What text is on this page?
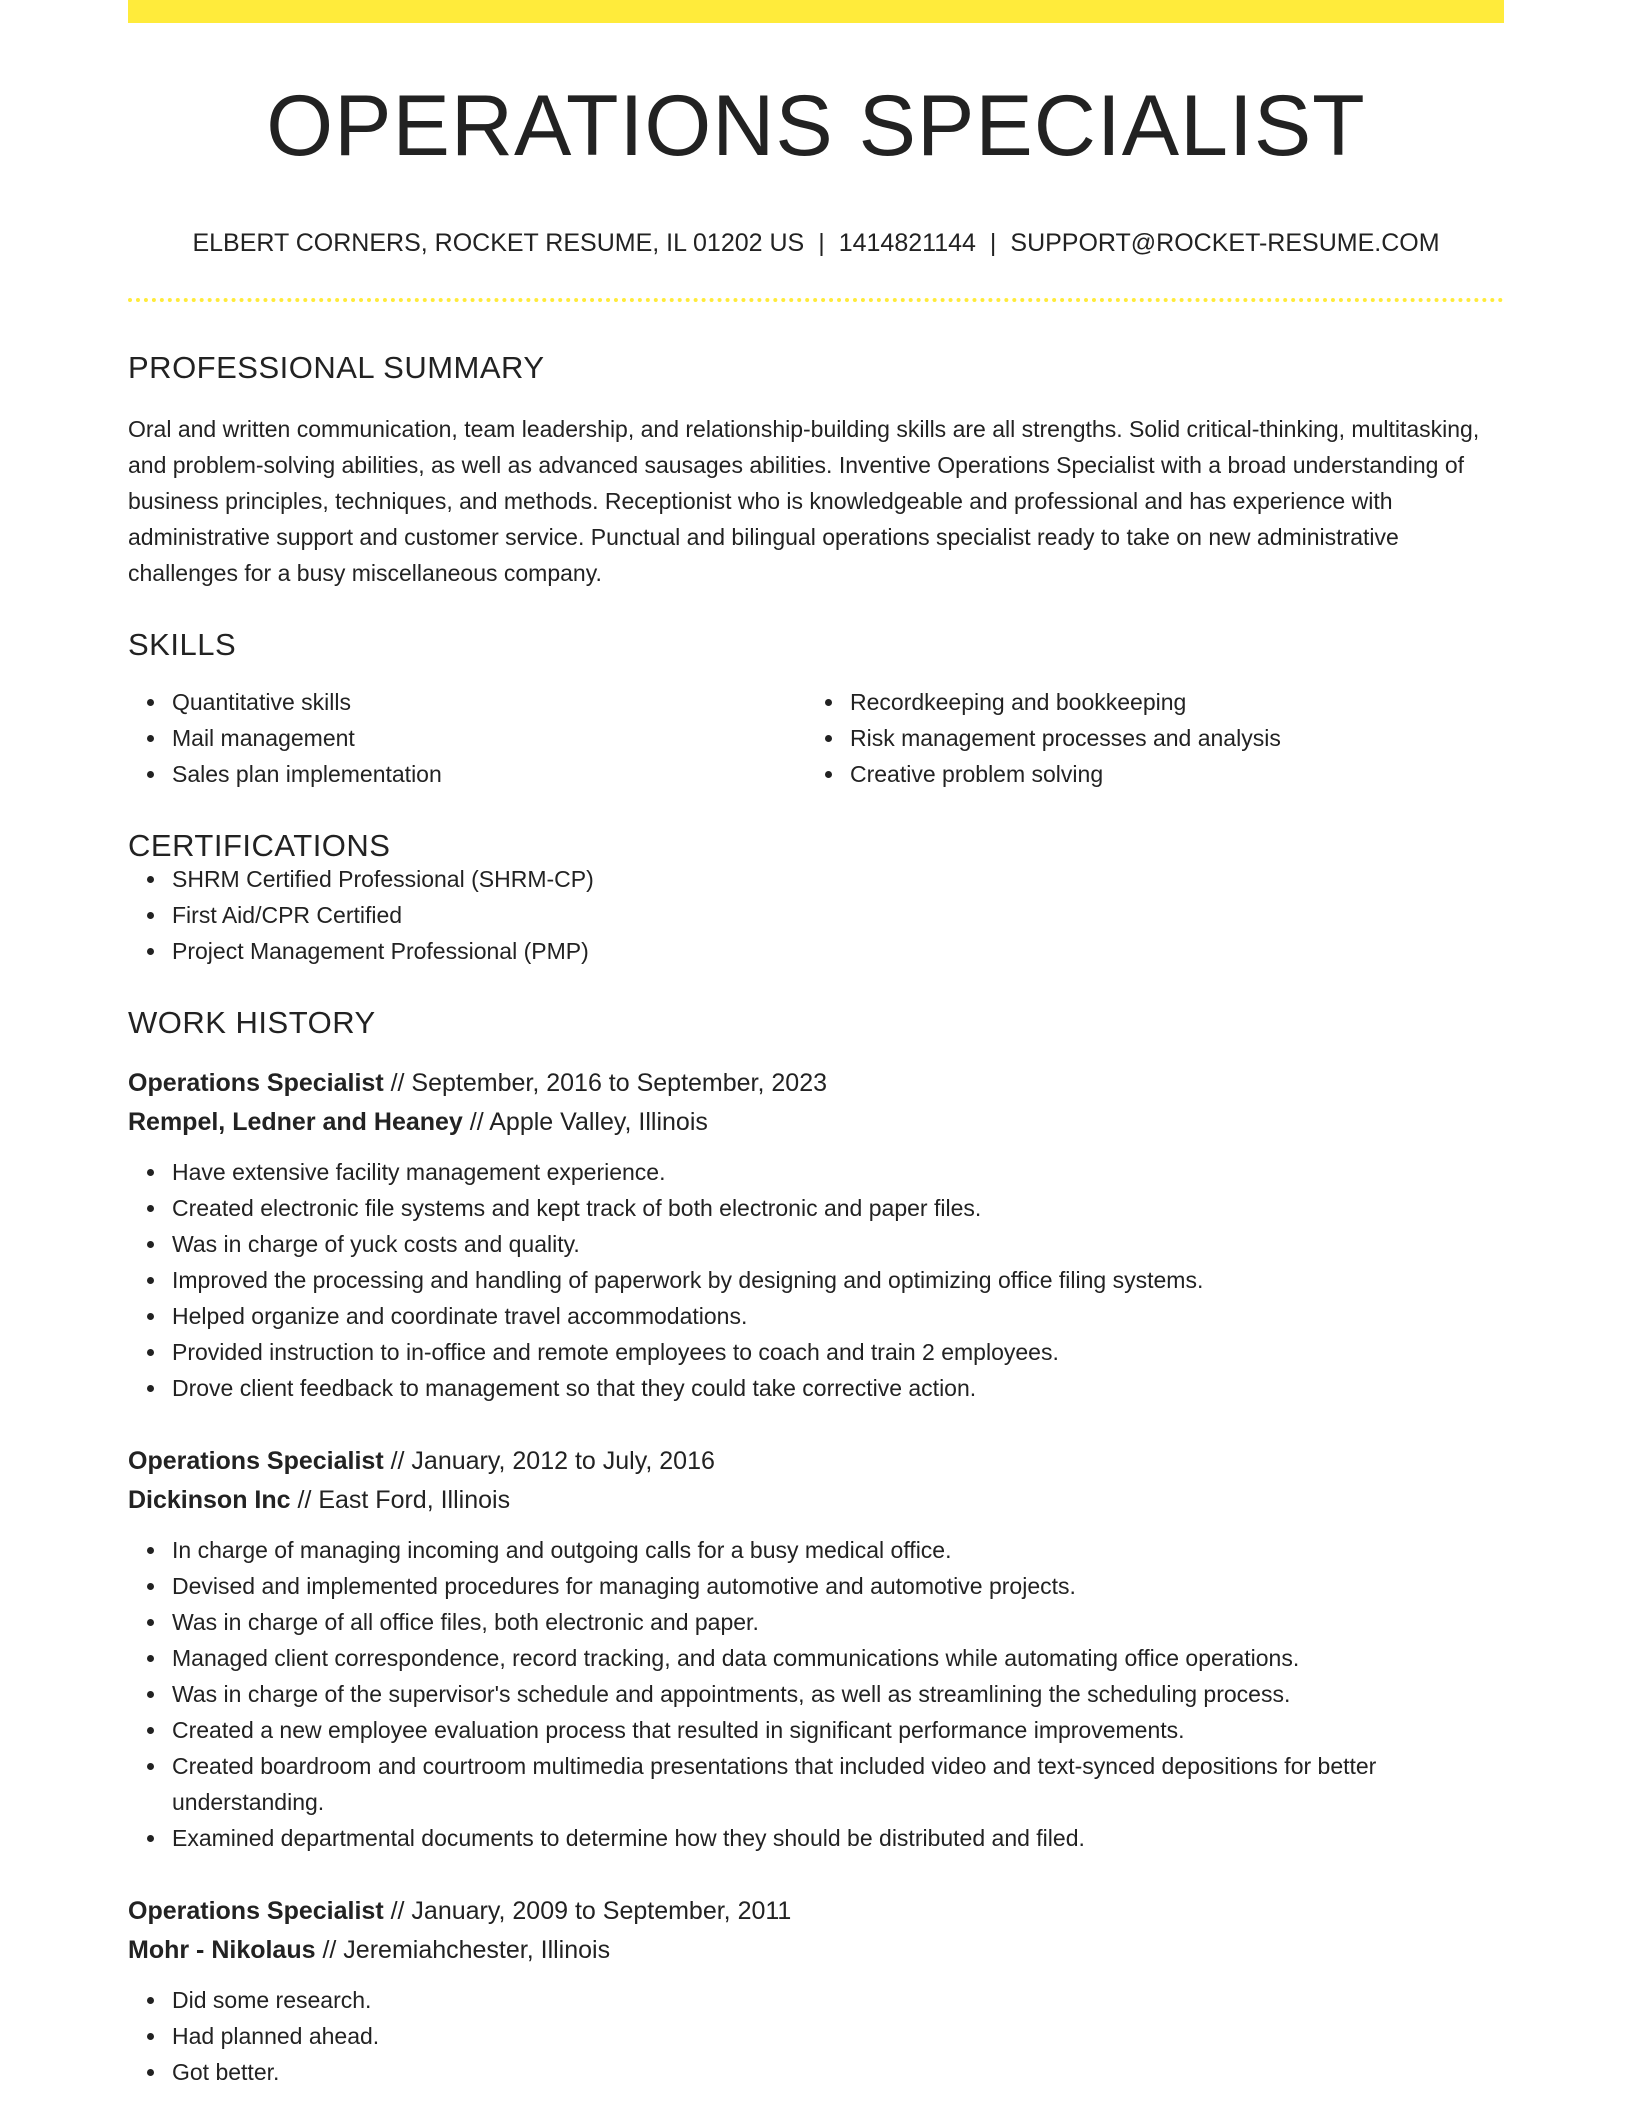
OPERATIONS SPECIALIST
ELBERT CORNERS, ROCKET RESUME, IL 01202 US | 1414821144 | SUPPORT@ROCKET-RESUME.COM
PROFESSIONAL SUMMARY

Oral and written communication, team leadership, and relationship-building skills are all strengths. Solid critical-thinking, multitasking, and problem-solving abilities, as well as advanced sausages abilities. Inventive Operations Specialist with a broad understanding of business principles, techniques, and methods. Receptionist who is knowledgeable and professional and has experience with administrative support and customer service. Punctual and bilingual operations specialist ready to take on new administrative challenges for a busy miscellaneous company.

SKILLS
Quantitative skills
Mail management
Sales plan implementation
Recordkeeping and bookkeeping
Risk management processes and analysis
Creative problem solving
CERTIFICATIONS
SHRM Certified Professional (SHRM-CP)
First Aid/CPR Certified
Project Management Professional (PMP)
WORK HISTORY
Operations Specialist // September, 2016 to September, 2023
Rempel, Ledner and Heaney // Apple Valley, Illinois
Have extensive facility management experience.
Created electronic file systems and kept track of both electronic and paper files.
Was in charge of yuck costs and quality.
Improved the processing and handling of paperwork by designing and optimizing office filing systems.
Helped organize and coordinate travel accommodations.
Provided instruction to in-office and remote employees to coach and train 2 employees.
Drove client feedback to management so that they could take corrective action.
Operations Specialist // January, 2012 to July, 2016
Dickinson Inc // East Ford, Illinois
In charge of managing incoming and outgoing calls for a busy medical office.
Devised and implemented procedures for managing automotive and automotive projects.
Was in charge of all office files, both electronic and paper.
Managed client correspondence, record tracking, and data communications while automating office operations.
Was in charge of the supervisor's schedule and appointments, as well as streamlining the scheduling process.
Created a new employee evaluation process that resulted in significant performance improvements.
Created boardroom and courtroom multimedia presentations that included video and text-synced depositions for better understanding.
Examined departmental documents to determine how they should be distributed and filed.
Operations Specialist // January, 2009 to September, 2011
Mohr - Nikolaus // Jeremiahchester, Illinois
Did some research.
Had planned ahead.
Got better.
